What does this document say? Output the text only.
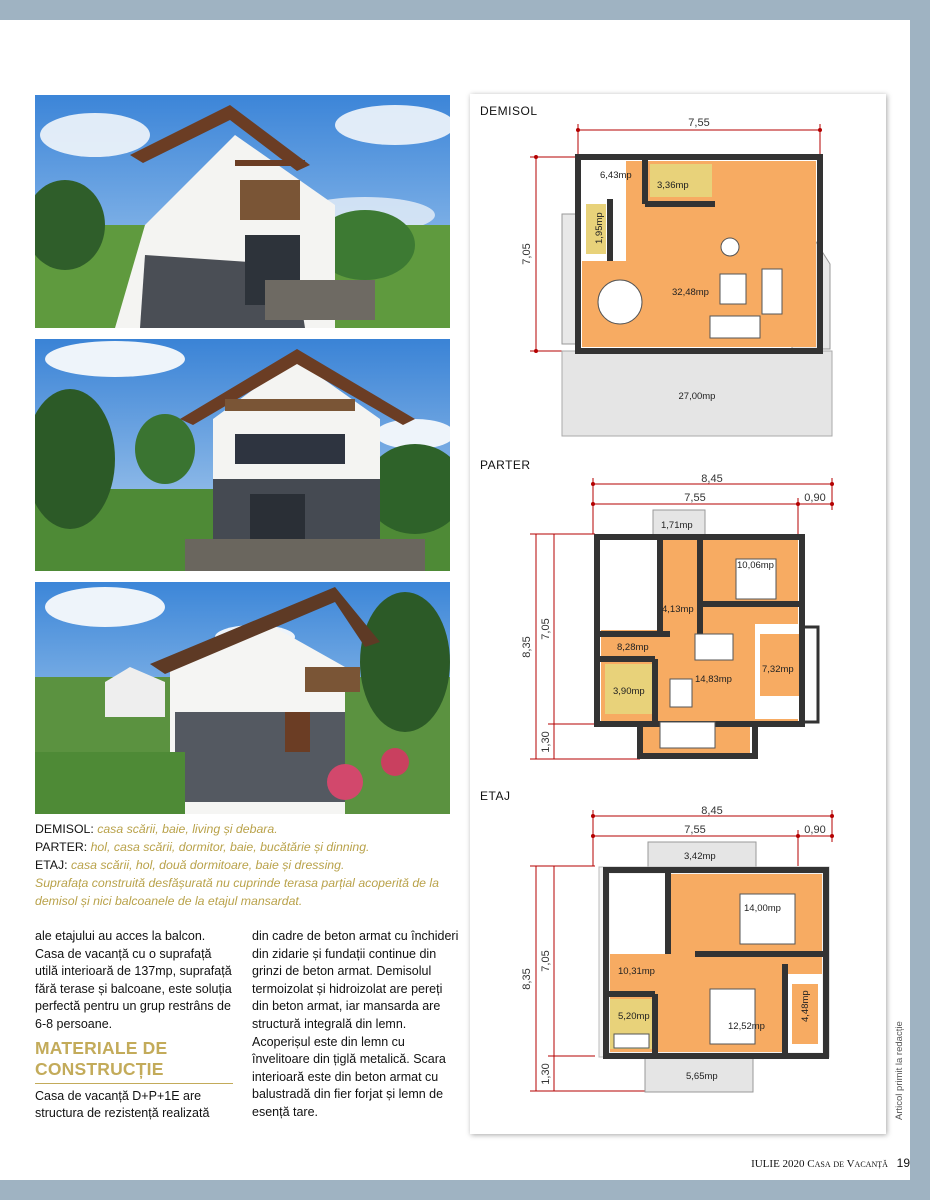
DEMISOL: casa scării, baie, living și debara.
PARTER: hol, casa scării, dormitor, baie, bucătărie și dinning.
ETAJ: casa scării, hol, două dormitoare, baie și dressing.
Suprafața construită desfășurată nu cuprinde terasa parțial acoperită de la demisol și nici balcoanele de la etajul mansardat.

ale etajului au acces la balcon. Casa de vacanță cu o suprafață utilă interioară de 137mp, suprafață fără terase și balcoane, este soluția perfectă pentru un grup restrâns de 6-8 persoane.

MATERIALE DE
CONSTRUCȚIE

Casa de vacanță D+P+1E are structura de rezistență realizată

din cadre de beton armat cu închideri din zidarie și fundații continue din grinzi de beton armat. Demisolul termoizolat și hidroizolat are pereți din beton armat, iar mansarda are structură integrală din lemn. Acoperișul este din lemn cu învelitoare din țiglă metalică. Scara interioară este din beton armat cu balustradă din fier forjat și lemn de esență tare.

DEMISOL
7,55
7,05
27,00mp
6,43mp
3,36mp
1,95mp
32,48mp
PARTER
8,45
7,55	0,90
8,35
7,05
1,30
1,71mp
10,06mp
4,13mp
8,28mp
7,32mp
14,83mp
3,90mp
ETAJ
8,45
7,55	0,90
8,35
7,05
1,30
3,42mp
5,65mp
14,00mp
10,31mp
5,20mp
12,52mp
4,48mp
Articol primit la redacție
IULIE 2020 Casa de Vacanță 19
